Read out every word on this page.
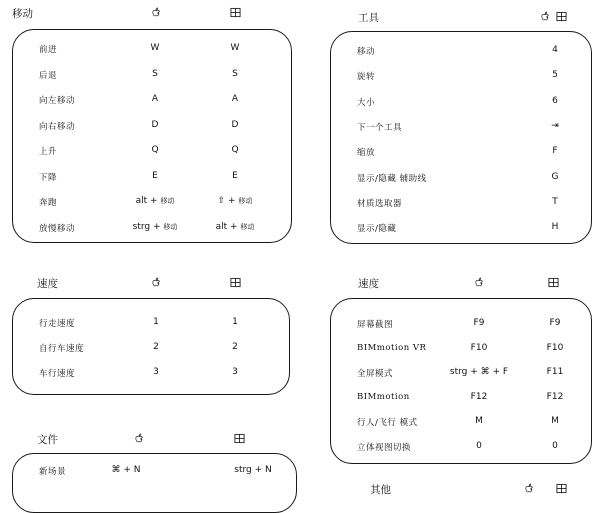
移动
前进	W	W
后退	S	S
向左移动	A	A
向右移动	D	D
上升	Q	Q
下降	E	E
奔跑	alt + 移动	⇧ + 移动
放慢移动	strg + 移动	alt + 移动
工具
移动	4
旋转	5
大小	6
下一个工具	⇥
缩放	F
显示/隐藏 辅助线	G
材质选取器	T
显示/隐藏	H
速度
行走速度	1	1
自行车速度	2	2
车行速度	3	3
速度
屏幕截图	F9	F9
BIMmotion VR	F10	F10
全屏模式	strg + ⌘ + F	F11
BIMmotion	F12	F12
行人/飞行 模式	M	M
立体视图切换	0	0
文件
新场景	⌘ + N	strg + N
其他
